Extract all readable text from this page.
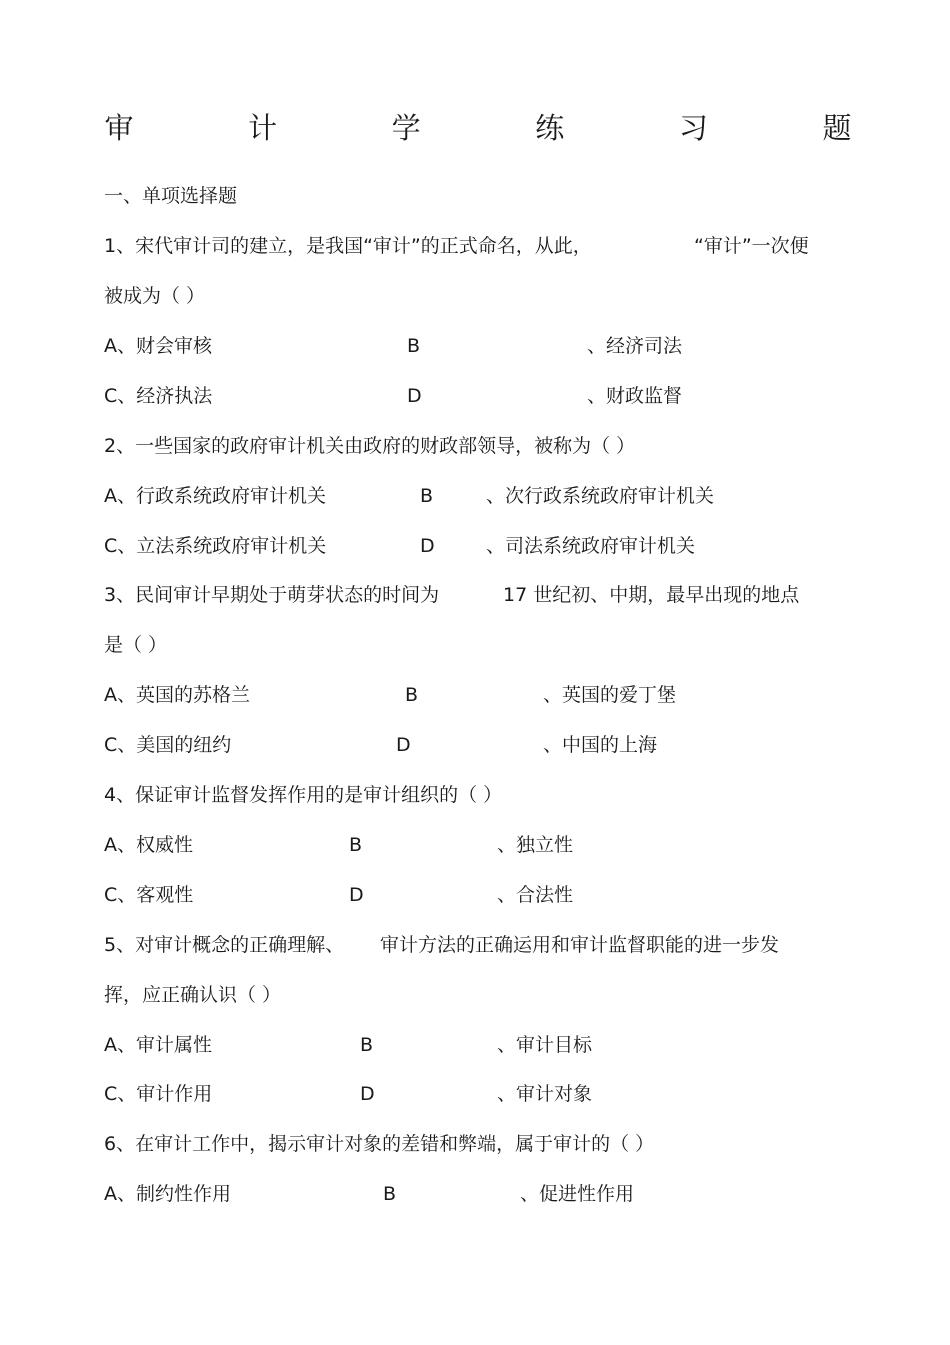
审	计	学	练	习	题
一、单项选择题
1、宋代审计司的建立，是我国“审计”的正式命名，从此，	“审计”一次便
被成为（ ）
A、财会审核	B	、经济司法
C、经济执法	D	、财政监督
2、一些国家的政府审计机关由政府的财政部领导，被称为（ ）
A、行政系统政府审计机关	B	、次行政系统政府审计机关
C、立法系统政府审计机关	D	、司法系统政府审计机关
3、民间审计早期处于萌芽状态的时间为	17 世纪初、中期，最早出现的地点
是（ ）
A、英国的苏格兰	B	、英国的爱丁堡
C、美国的纽约	D	、中国的上海
4、保证审计监督发挥作用的是审计组织的（ ）
A、权威性	B	、独立性
C、客观性	D	、合法性
5、对审计概念的正确理解、 审计方法的正确运用和审计监督职能的进一步发
挥，应正确认识（ ）
A、审计属性	B	、审计目标
C、审计作用	D	、审计对象
6、在审计工作中，揭示审计对象的差错和弊端，属于审计的（ ）
A、制约性作用	B	、促进性作用
